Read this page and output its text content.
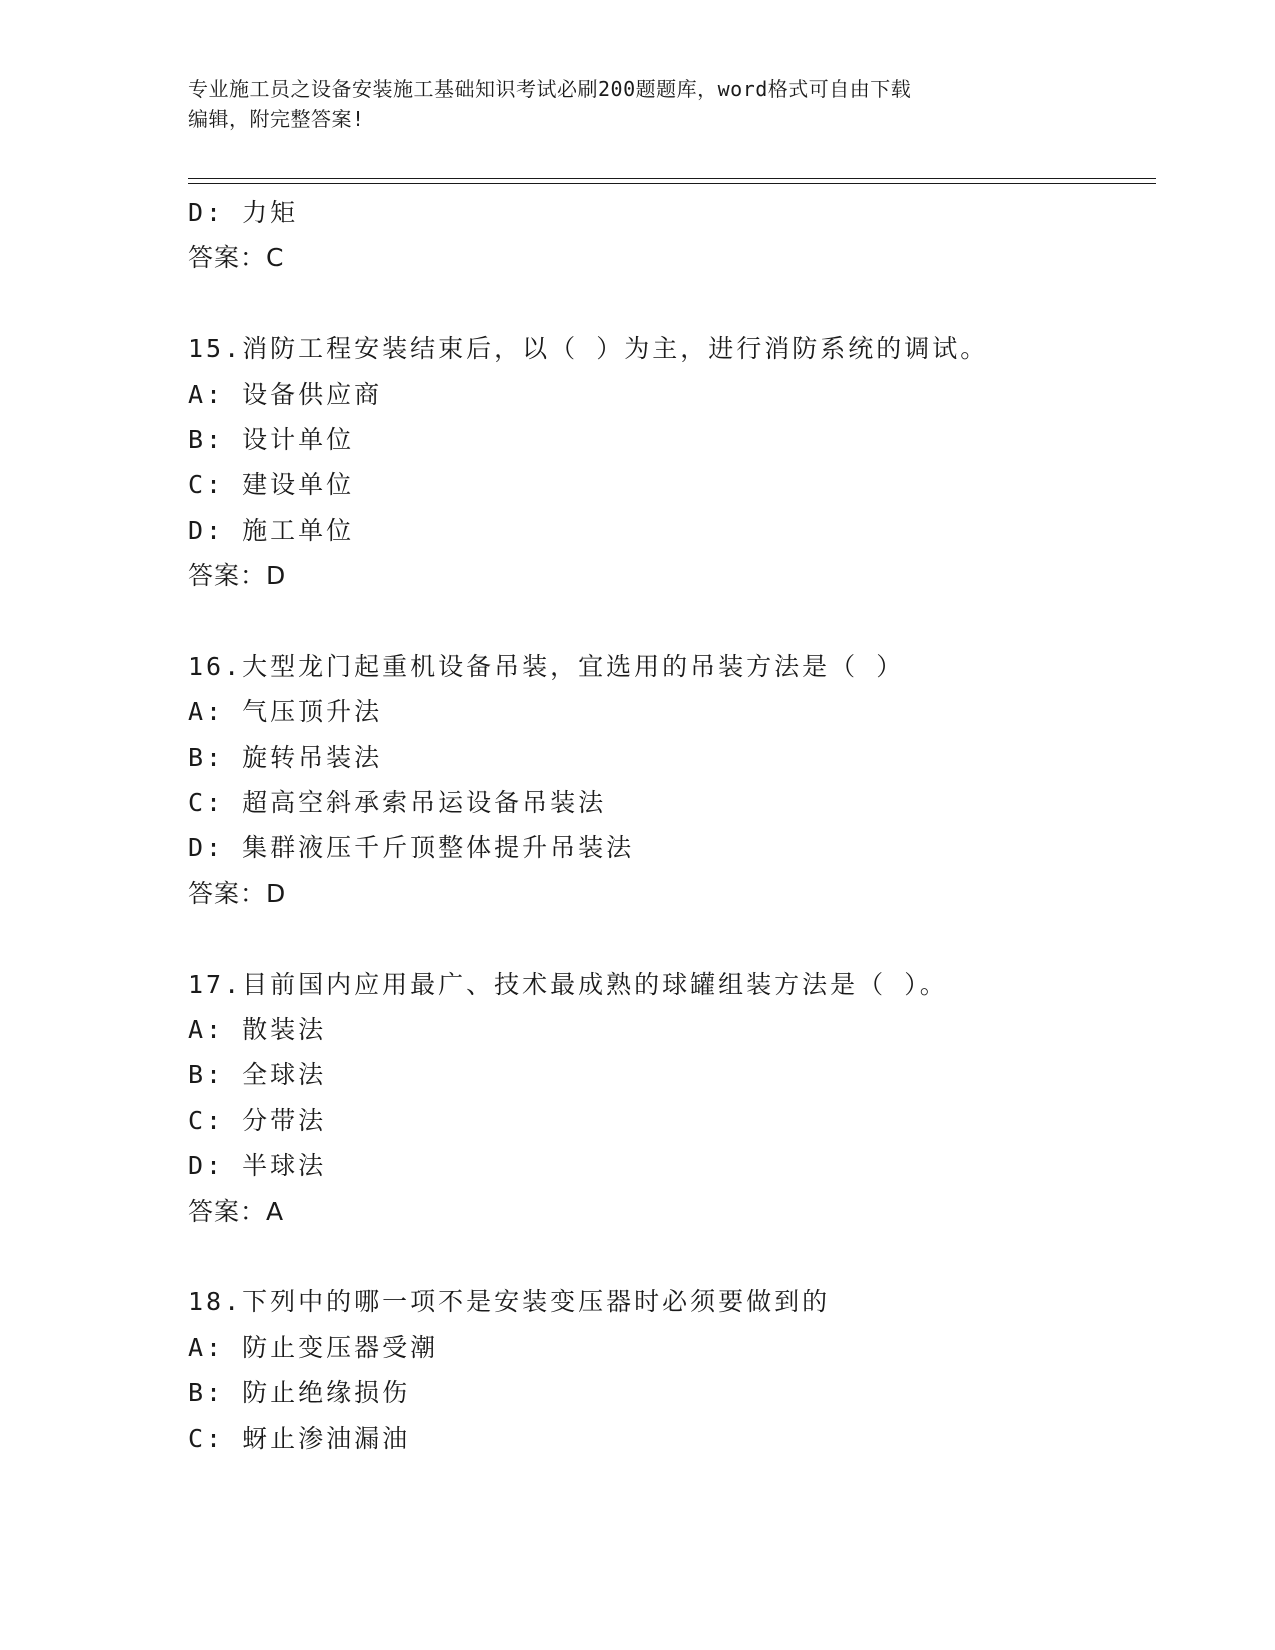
专业施工员之设备安装施工基础知识考试必刷200题题库，word格式可自由下载
编辑，附完整答案!
D: 力矩
答案：C
15.消防工程安装结束后，以（ ）为主，进行消防系统的调试。
A: 设备供应商
B: 设计单位
C: 建设单位
D: 施工单位
答案：D
16.大型龙门起重机设备吊装，宜选用的吊装方法是（ ）
A: 气压顶升法
B: 旋转吊装法
C: 超高空斜承索吊运设备吊装法
D: 集群液压千斤顶整体提升吊装法
答案：D
17.目前国内应用最广、技术最成熟的球罐组装方法是（ ）。
A: 散装法
B: 全球法
C: 分带法
D: 半球法
答案：A
18.下列中的哪一项不是安装变压器时必须要做到的
A: 防止变压器受潮
B: 防止绝缘损伤
C: 蚜止渗油漏油
